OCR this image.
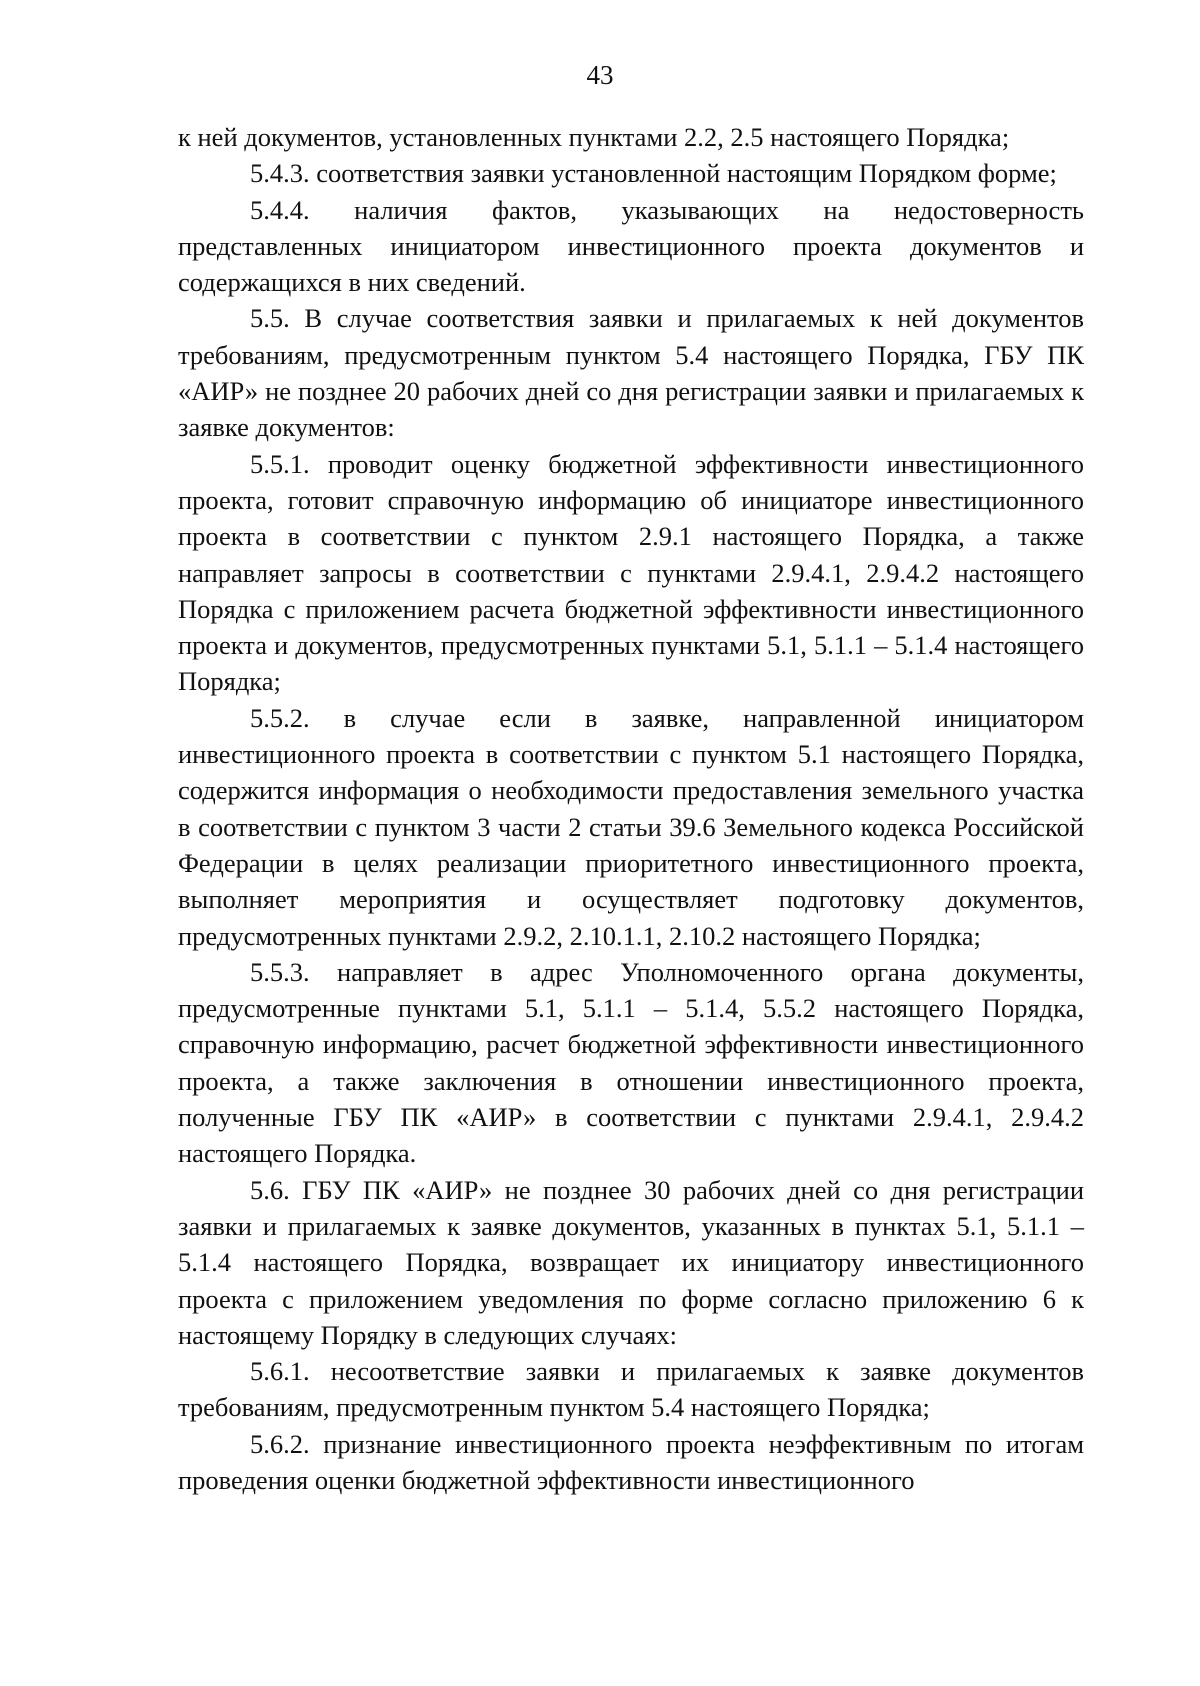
43

к ней документов, установленных пунктами 2.2, 2.5 настоящего Порядка;

5.4.3. соответствия заявки установленной настоящим Порядком форме;

5.4.4. наличия фактов, указывающих на недостоверность представленных инициатором инвестиционного проекта документов и содержащихся в них сведений.

5.5. В случае соответствия заявки и прилагаемых к ней документов требованиям, предусмотренным пунктом 5.4 настоящего Порядка, ГБУ ПК «АИР» не позднее 20 рабочих дней со дня регистрации заявки и прилагаемых к заявке документов:

5.5.1. проводит оценку бюджетной эффективности инвестиционного проекта, готовит справочную информацию об инициаторе инвестиционного проекта в соответствии с пунктом 2.9.1 настоящего Порядка, а также направляет запросы в соответствии с пунктами 2.9.4.1, 2.9.4.2 настоящего Порядка с приложением расчета бюджетной эффективности инвестиционного проекта и документов, предусмотренных пунктами 5.1, 5.1.1 – 5.1.4 настоящего Порядка;

5.5.2. в случае если в заявке, направленной инициатором инвестиционного проекта в соответствии с пунктом 5.1 настоящего Порядка, содержится информация о необходимости предоставления земельного участка в соответствии с пунктом 3 части 2 статьи 39.6 Земельного кодекса Российской Федерации в целях реализации приоритетного инвестиционного проекта, выполняет мероприятия и осуществляет подготовку документов, предусмотренных пунктами 2.9.2, 2.10.1.1, 2.10.2 настоящего Порядка;

5.5.3. направляет в адрес Уполномоченного органа документы, предусмотренные пунктами 5.1, 5.1.1 – 5.1.4, 5.5.2 настоящего Порядка, справочную информацию, расчет бюджетной эффективности инвестиционного проекта, а также заключения в отношении инвестиционного проекта, полученные ГБУ ПК «АИР» в соответствии с пунктами 2.9.4.1, 2.9.4.2 настоящего Порядка.

5.6. ГБУ ПК «АИР» не позднее 30 рабочих дней со дня регистрации заявки и прилагаемых к заявке документов, указанных в пунктах 5.1, 5.1.1 – 5.1.4 настоящего Порядка, возвращает их инициатору инвестиционного проекта с приложением уведомления по форме согласно приложению 6 к настоящему Порядку в следующих случаях:

5.6.1. несоответствие заявки и прилагаемых к заявке документов требованиям, предусмотренным пунктом 5.4 настоящего Порядка;

5.6.2. признание инвестиционного проекта неэффективным по итогам проведения оценки бюджетной эффективности инвестиционного
